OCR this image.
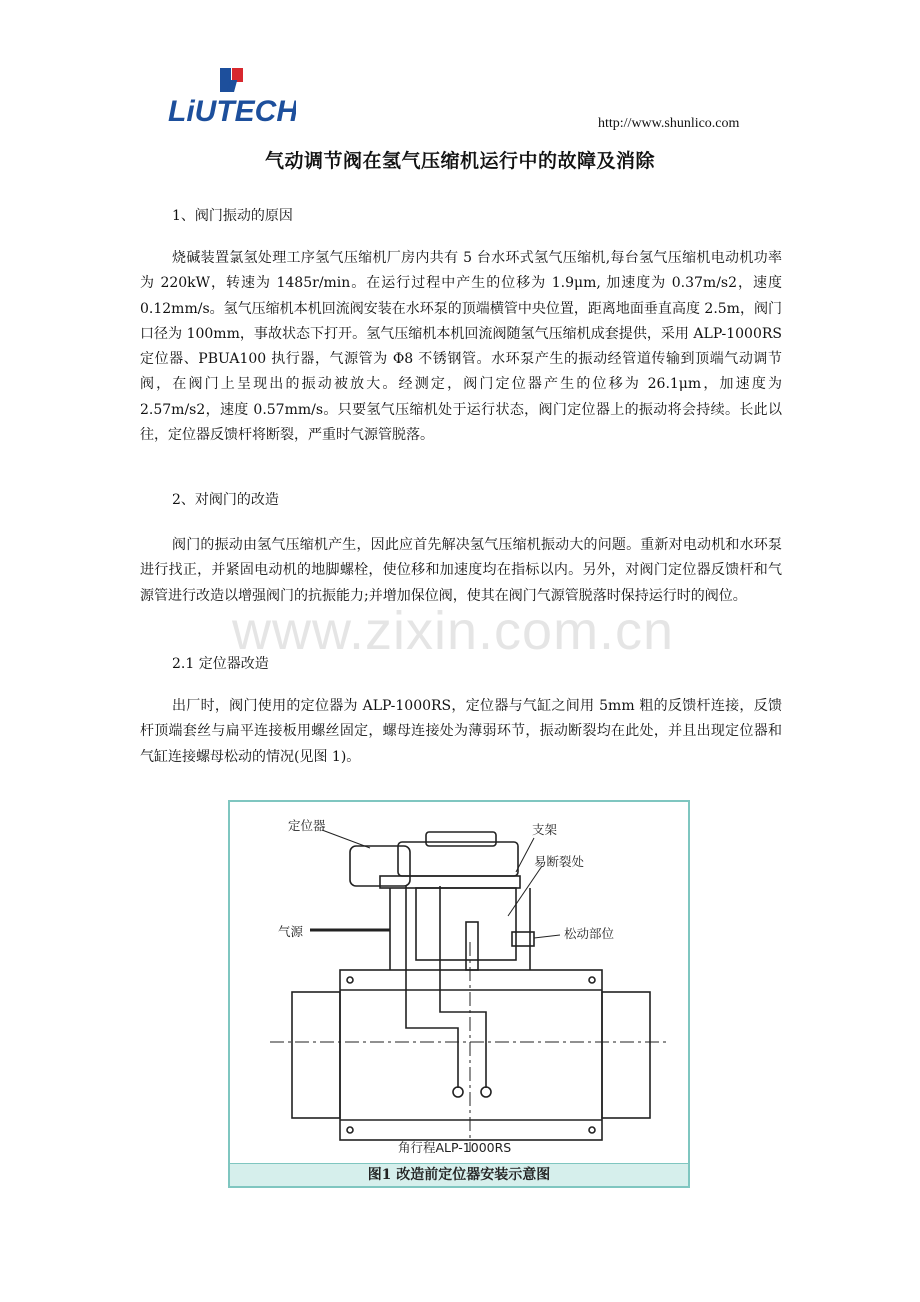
LiUTECH	http://www.shunlico.com
气动调节阀在氢气压缩机运行中的故障及消除
1、阀门振动的原因
烧碱装置氯氢处理工序氢气压缩机厂房内共有 5 台水环式氢气压缩机,每台氢气压缩机电动机功率为 220kW，转速为 1485r/min。在运行过程中产生的位移为 1.9μm, 加速度为 0.37m/s2，速度 0.12mm/s。氢气压缩机本机回流阀安装在水环泵的顶端横管中央位置，距离地面垂直高度 2.5m，阀门口径为 100mm，事故状态下打开。氢气压缩机本机回流阀随氢气压缩机成套提供，采用 ALP-1000RS 定位器、PBUA100 执行器，气源管为 Φ8 不锈钢管。水环泵产生的振动经管道传输到顶端气动调节阀，在阀门上呈现出的振动被放大。经测定，阀门定位器产生的位移为 26.1μm，加速度为 2.57m/s2，速度 0.57mm/s。只要氢气压缩机处于运行状态，阀门定位器上的振动将会持续。长此以往，定位器反馈杆将断裂，严重时气源管脱落。
2、对阀门的改造
阀门的振动由氢气压缩机产生，因此应首先解决氢气压缩机振动大的问题。重新对电动机和水环泵进行找正，并紧固电动机的地脚螺栓，使位移和加速度均在指标以内。另外，对阀门定位器反馈杆和气源管进行改造以增强阀门的抗振能力;并增加保位阀，使其在阀门气源管脱落时保持运行时的阀位。
www.zixin.com.cn
2.1 定位器改造
出厂时，阀门使用的定位器为 ALP-1000RS，定位器与气缸之间用 5mm 粗的反馈杆连接，反馈杆顶端套丝与扁平连接板用螺丝固定，螺母连接处为薄弱环节，振动断裂均在此处，并且出现定位器和气缸连接螺母松动的情况(见图 1)。
定位器	支架
易断裂处
气源	松动部位
角行程ALP-1000RS
图1 改造前定位器安装示意图
